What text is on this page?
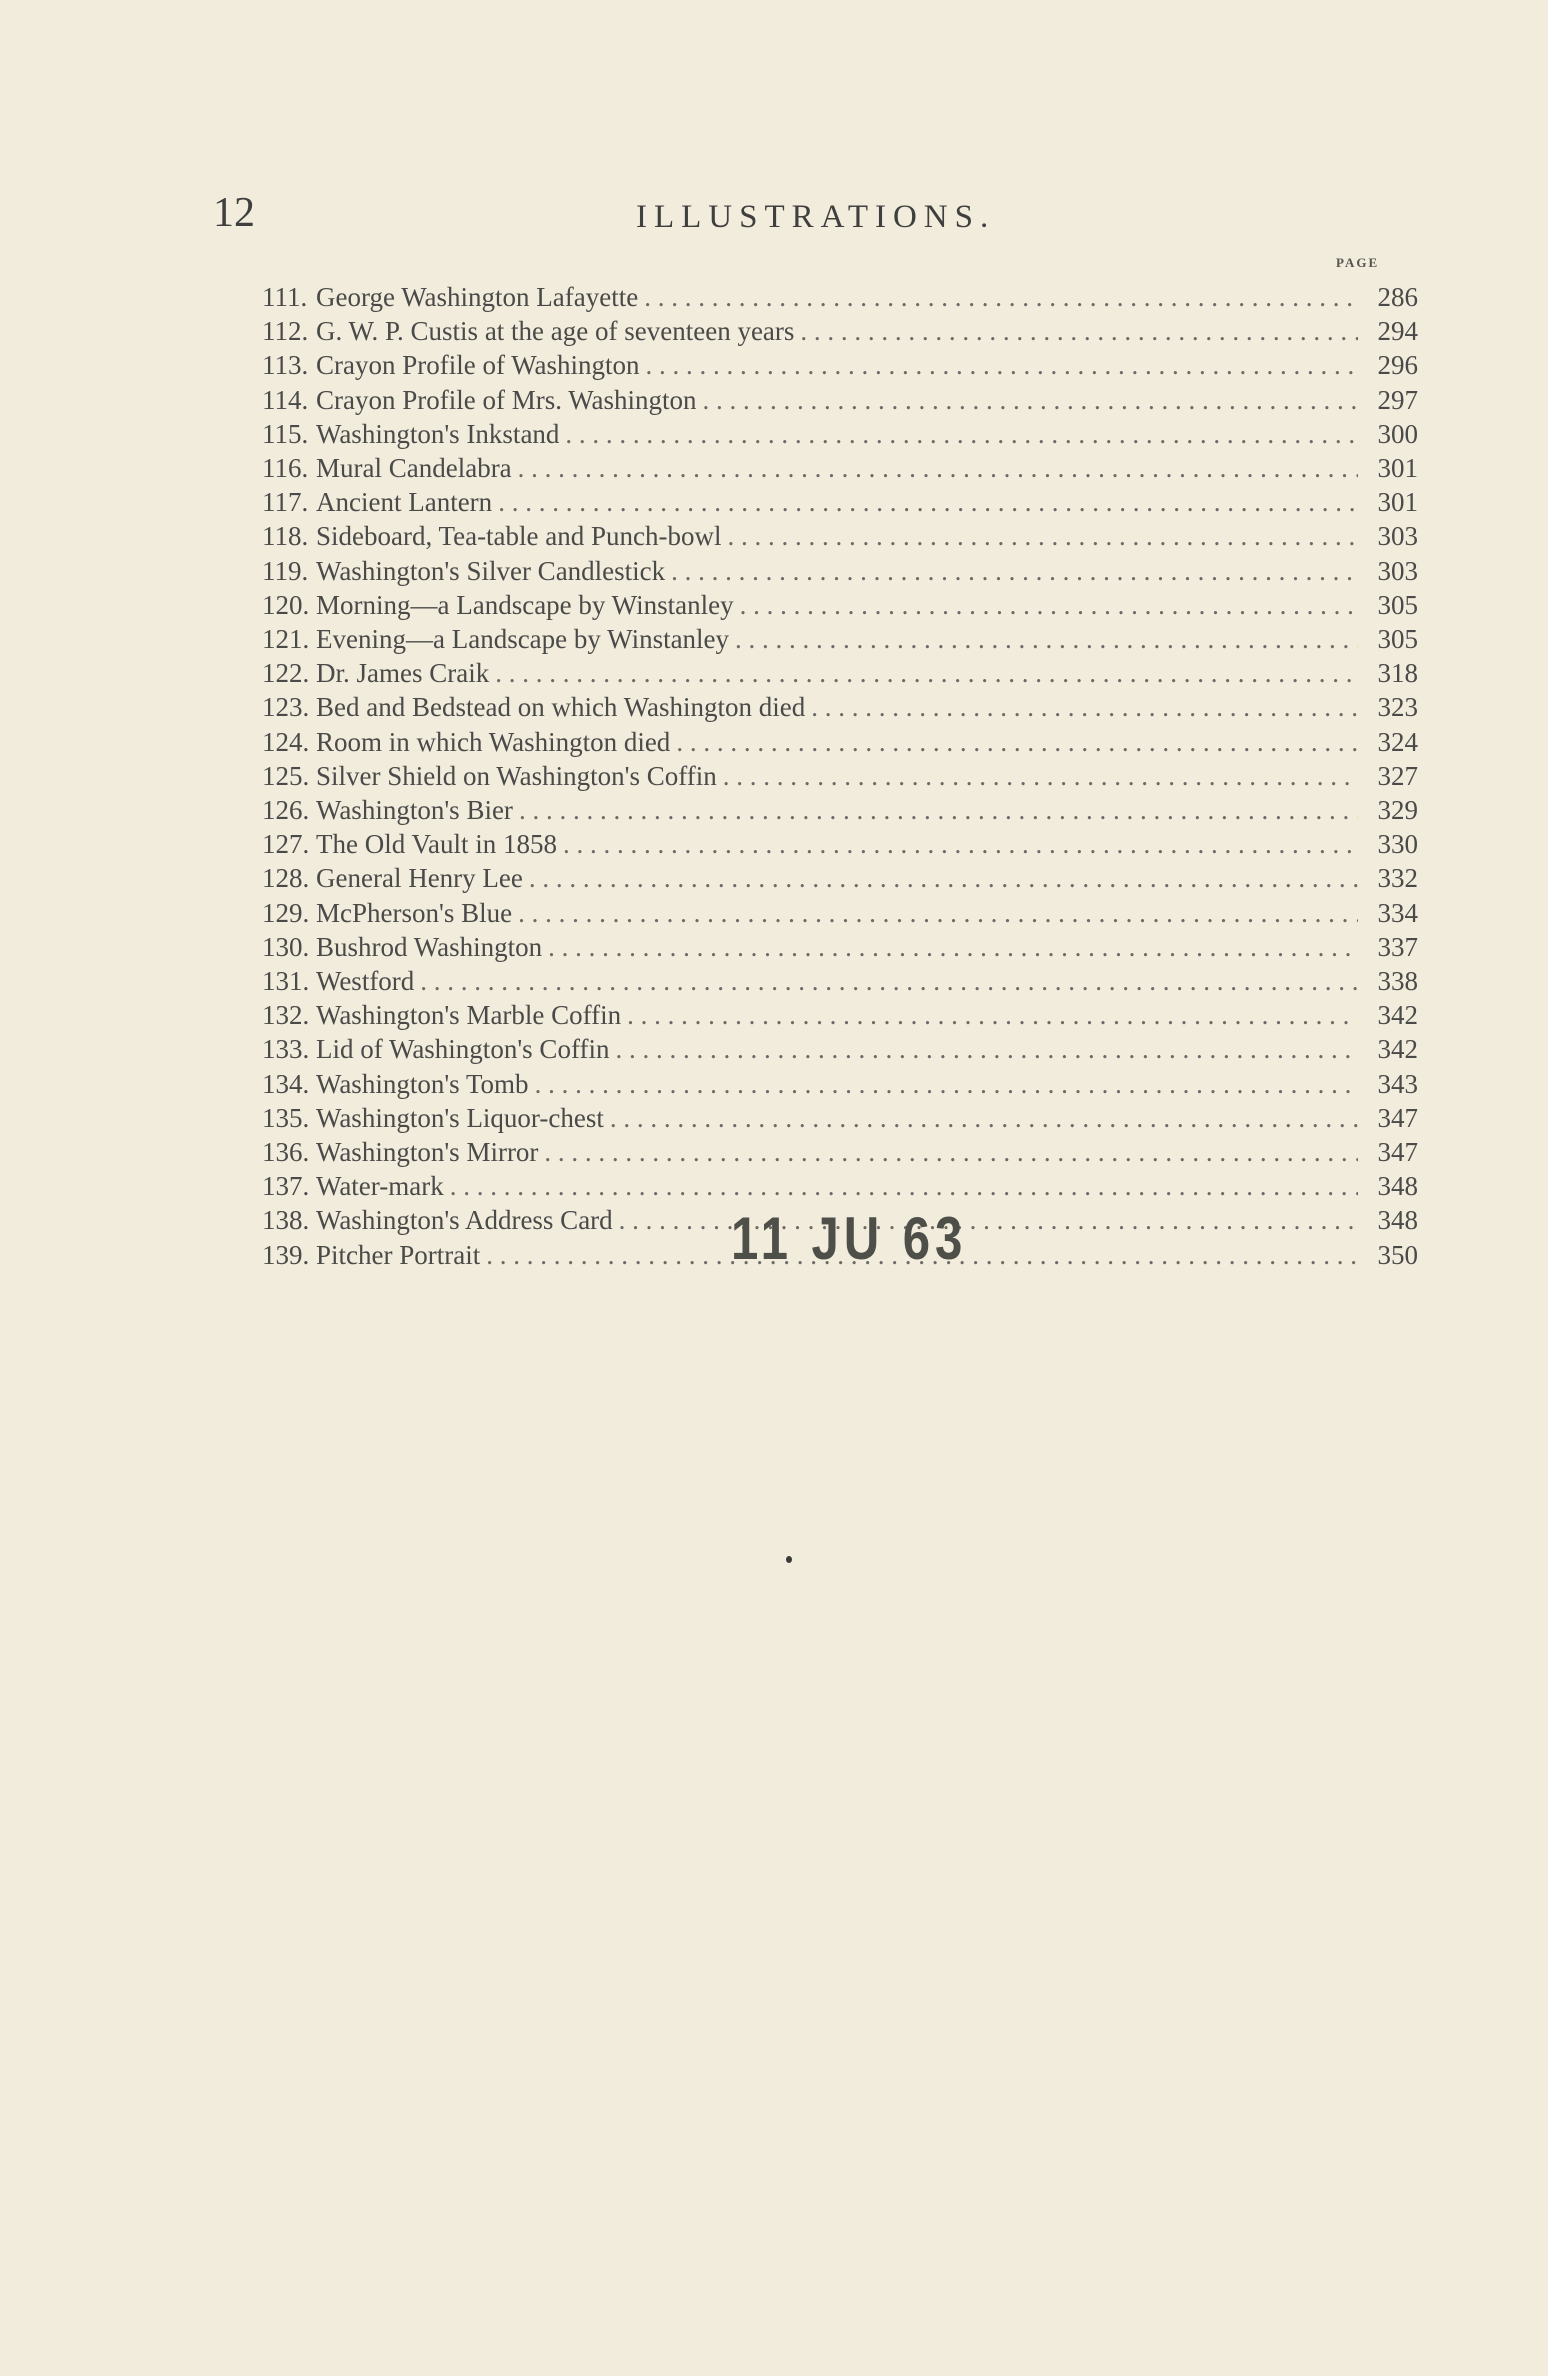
12	ILLUSTRATIONS.
PAGE
111. George Washington Lafayette . . .	286
112. G. W. P. Custis at the age of seventeen years . . .	294
113. Crayon Profile of Washington . . .	296
114. Crayon Profile of Mrs. Washington . . .	297
115. Washington's Inkstand . . .	300
116. Mural Candelabra . . .	301
117. Ancient Lantern . . .	301
118. Sideboard, Tea-table and Punch-bowl . . .	303
119. Washington's Silver Candlestick . . .	303
120. Morning—a Landscape by Winstanley . . .	305
121. Evening—a Landscape by Winstanley . . .	305
122. Dr. James Craik . . .	318
123. Bed and Bedstead on which Washington died . . .	323
124. Room in which Washington died . . .	324
125. Silver Shield on Washington's Coffin . . .	327
126. Washington's Bier . . .	329
127. The Old Vault in 1858 . . .	330
128. General Henry Lee . . .	332
129. McPherson's Blue . . .	334
130. Bushrod Washington . . .	337
131. Westford . . .	338
132. Washington's Marble Coffin . . .	342
133. Lid of Washington's Coffin . . .	342
134. Washington's Tomb . . .	343
135. Washington's Liquor-chest . . .	347
136. Washington's Mirror . . .	347
137. Water-mark . . .	348
138. Washington's Address Card . . .	348
139. Pitcher Portrait . . .	350
11 JU 63
